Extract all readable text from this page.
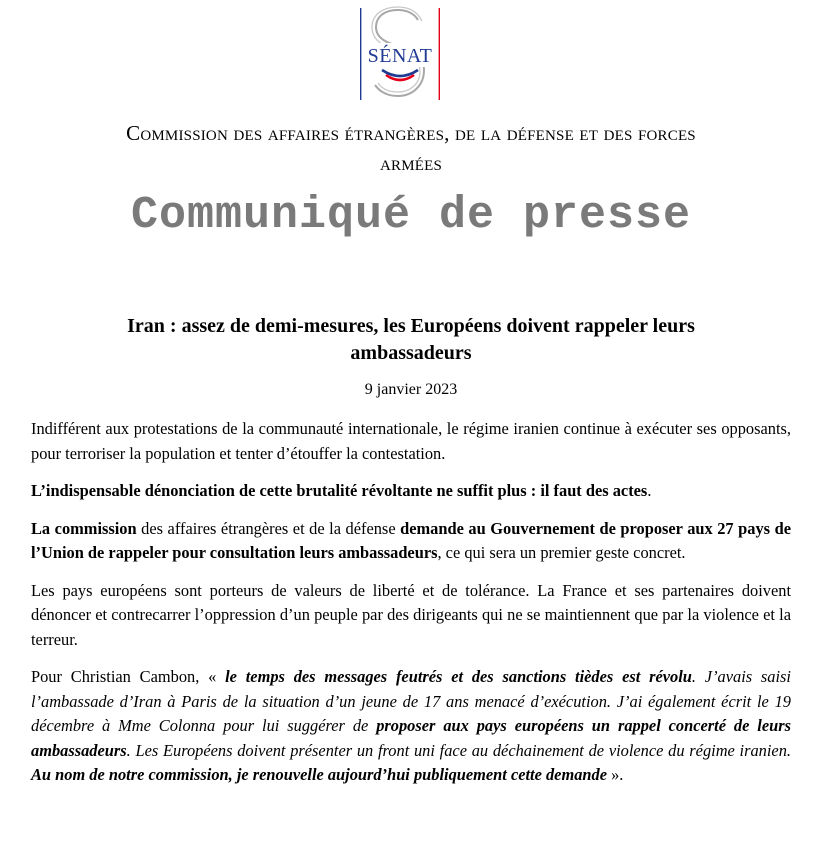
SÉNAT
Commission des affaires étrangères, de la défense et des forces
armées
Communiqué de presse
Iran : assez de demi-mesures, les Européens doivent rappeler leurs
ambassadeurs
9 janvier 2023

Indifférent aux protestations de la communauté internationale, le régime iranien continue à exécuter ses opposants, pour terroriser la population et tenter d’étouffer la contestation.

L’indispensable dénonciation de cette brutalité révoltante ne suffit plus : il faut des actes.

La commission des affaires étrangères et de la défense demande au Gouvernement de proposer aux 27 pays de l’Union de rappeler pour consultation leurs ambassadeurs, ce qui sera un premier geste concret.

Les pays européens sont porteurs de valeurs de liberté et de tolérance. La France et ses partenaires doivent dénoncer et contrecarrer l’oppression d’un peuple par des dirigeants qui ne se maintiennent que par la violence et la terreur.

Pour Christian Cambon, « le temps des messages feutrés et des sanctions tièdes est révolu. J’avais saisi l’ambassade d’Iran à Paris de la situation d’un jeune de 17 ans menacé d’exécution. J’ai également écrit le 19 décembre à Mme Colonna pour lui suggérer de proposer aux pays européens un rappel concerté de leurs ambassadeurs. Les Européens doivent présenter un front uni face au déchainement de violence du régime iranien. Au nom de notre commission, je renouvelle aujourd’hui publiquement cette demande ».
